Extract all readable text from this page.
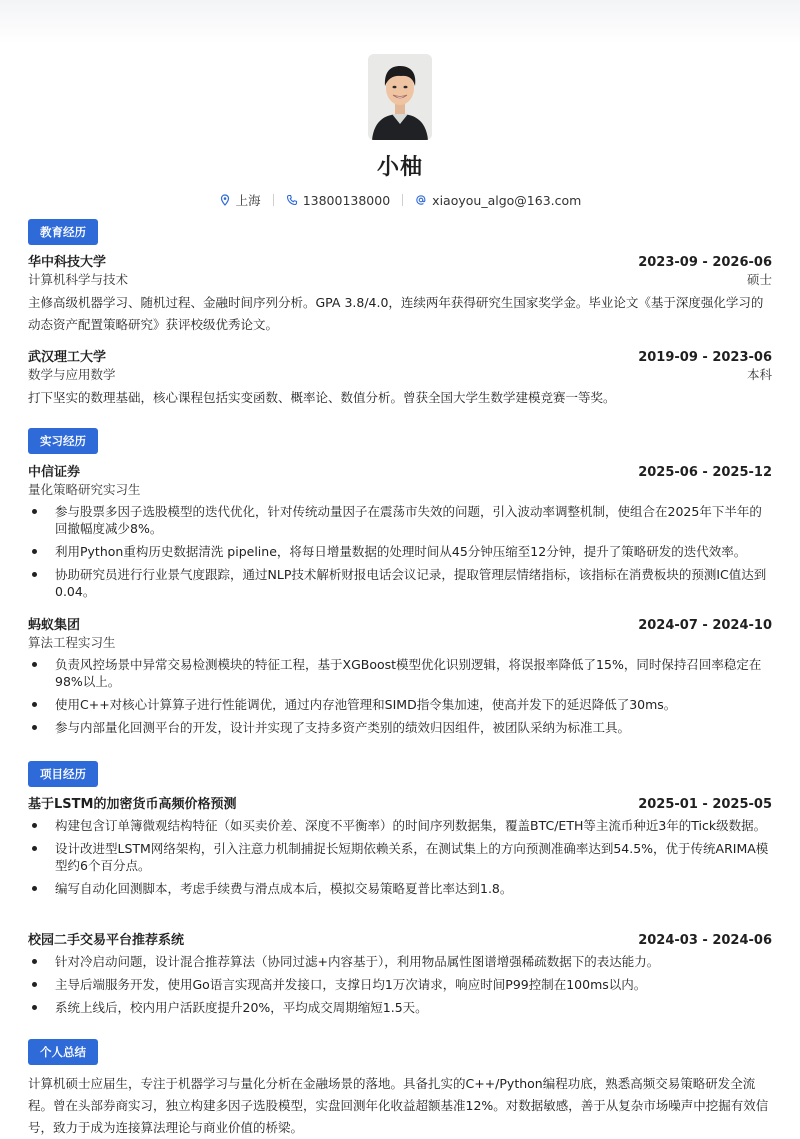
小柚
上海	13800138000	xiaoyou_algo@163.com
教育经历
华中科技大学	2023-09 - 2026-06
计算机科学与技术	硕士
主修高级机器学习、随机过程、金融时间序列分析。GPA 3.8/4.0，连续两年获得研究生国家奖学金。毕业论文《基于深度强化学习的动态资产配置策略研究》获评校级优秀论文。
武汉理工大学	2019-09 - 2023-06
数学与应用数学	本科
打下坚实的数理基础，核心课程包括实变函数、概率论、数值分析。曾获全国大学生数学建模竞赛一等奖。
实习经历
中信证券	2025-06 - 2025-12
量化策略研究实习生
参与股票多因子选股模型的迭代优化，针对传统动量因子在震荡市失效的问题，引入波动率调整机制，使组合在2025年下半年的回撤幅度减少8%。
利用Python重构历史数据清洗 pipeline，将每日增量数据的处理时间从45分钟压缩至12分钟，提升了策略研发的迭代效率。
协助研究员进行行业景气度跟踪，通过NLP技术解析财报电话会议记录，提取管理层情绪指标，该指标在消费板块的预测IC值达到0.04。
蚂蚁集团	2024-07 - 2024-10
算法工程实习生
负责风控场景中异常交易检测模块的特征工程，基于XGBoost模型优化识别逻辑，将误报率降低了15%，同时保持召回率稳定在98%以上。
使用C++对核心计算算子进行性能调优，通过内存池管理和SIMD指令集加速，使高并发下的延迟降低了30ms。
参与内部量化回测平台的开发，设计并实现了支持多资产类别的绩效归因组件，被团队采纳为标准工具。
项目经历
基于LSTM的加密货币高频价格预测	2025-01 - 2025-05
构建包含订单簿微观结构特征（如买卖价差、深度不平衡率）的时间序列数据集，覆盖BTC/ETH等主流币种近3年的Tick级数据。
设计改进型LSTM网络架构，引入注意力机制捕捉长短期依赖关系，在测试集上的方向预测准确率达到54.5%，优于传统ARIMA模型约6个百分点。
编写自动化回测脚本，考虑手续费与滑点成本后，模拟交易策略夏普比率达到1.8。
校园二手交易平台推荐系统	2024-03 - 2024-06
针对冷启动问题，设计混合推荐算法（协同过滤+内容基于），利用物品属性图谱增强稀疏数据下的表达能力。
主导后端服务开发，使用Go语言实现高并发接口，支撑日均1万次请求，响应时间P99控制在100ms以内。
系统上线后，校内用户活跃度提升20%，平均成交周期缩短1.5天。
个人总结
计算机硕士应届生，专注于机器学习与量化分析在金融场景的落地。具备扎实的C++/Python编程功底，熟悉高频交易策略研发全流程。曾在头部券商实习，独立构建多因子选股模型，实盘回测年化收益超额基准12%。对数据敏感，善于从复杂市场噪声中挖掘有效信号，致力于成为连接算法理论与商业价值的桥梁。
